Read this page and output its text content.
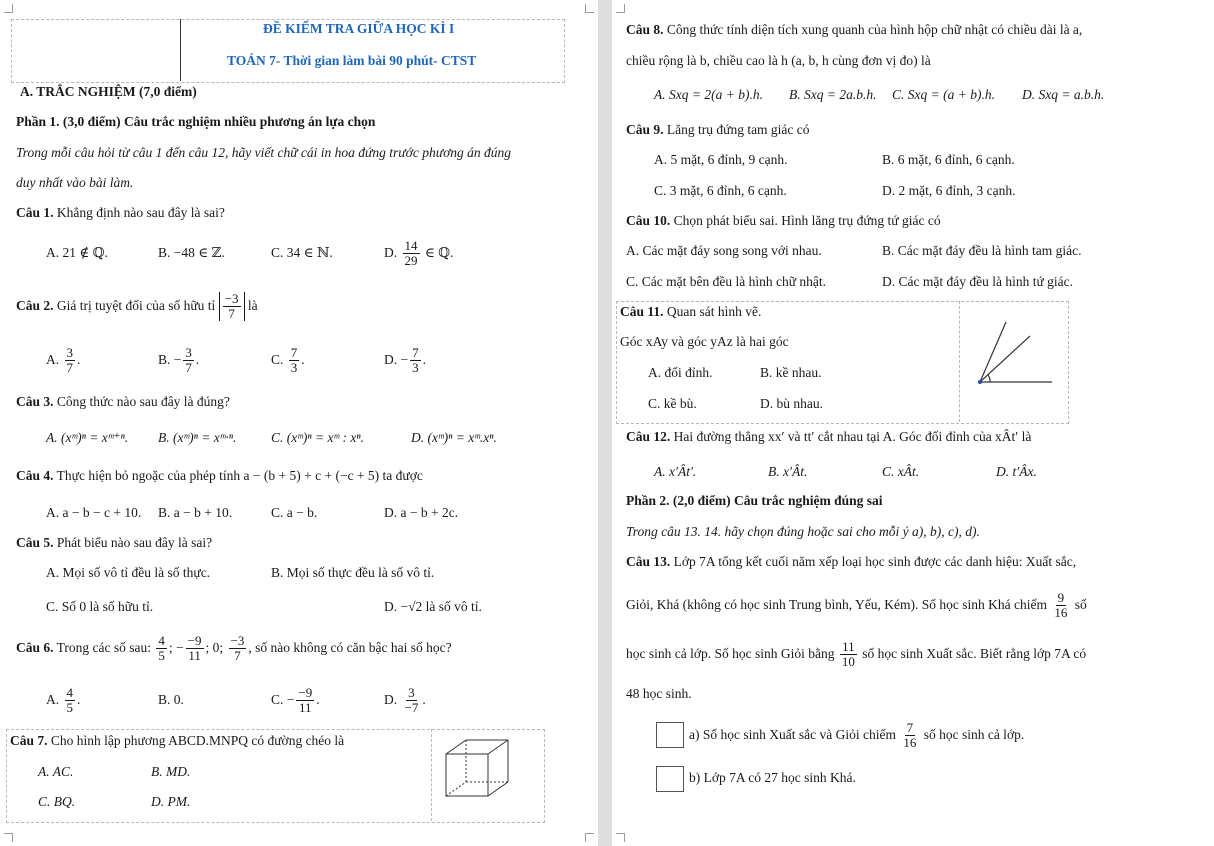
ĐỀ KIỂM TRA GIỮA HỌC KÌ I
TOÁN 7- Thời gian làm bài 90 phút- CTST
A. TRẮC NGHIỆM (7,0 điểm)
Phần 1. (3,0 điểm) Câu trắc nghiệm nhiều phương án lựa chọn
Trong mỗi câu hỏi từ câu 1 đến câu 12, hãy viết chữ cái in hoa đứng trước phương án đúng
duy nhất vào bài làm.
Câu 1. Khẳng định nào sau đây là sai?
A. 21 ∉ ℚ.	B. −48 ∈ ℤ.	C. 34 ∈ ℕ.	D. $\frac{14}{29}$ ∈ ℚ.
Câu 2. Giá trị tuyệt đối của số hữu tỉ $\frac{-3}{7}$ là
A. $\frac{3}{7}$ .	B. − $\frac{3}{7}$ .	C. $\frac{7}{3}$ .	D. − $\frac{7}{3}$ .
Câu 3. Công thức nào sau đây là đúng?
A. (xᵐ)ⁿ = xᵐ⁺ⁿ. B. (xᵐ)ⁿ = xᵐ·ⁿ.	C. (xᵐ)ⁿ = xᵐ : xⁿ.	D. (xᵐ)ⁿ = xᵐ.xⁿ.
Câu 4. Thực hiện bỏ ngoặc của phép tính a − (b + 5) + c + (−c + 5) ta được
A. a − b − c + 10. B. a − b + 10.	C. a − b.	D. a − b + 2c.
Câu 5. Phát biểu nào sau đây là sai?
A. Mọi số vô tỉ đều là số thực.	B. Mọi số thực đều là số vô tỉ.
C. Số 0 là số hữu tỉ.	D. −√2 là số vô tỉ.
Câu 6. Trong các số sau: $\frac{4}{5}$ ; − $\frac{-9}{11}$ ; 0; $\frac{-3}{7}$ , số nào không có căn bậc hai số học?
A. $\frac{4}{5}$ .	B. 0.	C. − $\frac{-9}{11}$ .	D. $\frac{3}{-7}$ .
Câu 7. Cho hình lập phương ABCD.MNPQ có đường chéo là
A. AC.	B. MD.
C. BQ.	D. PM.
Câu 8. Công thức tính diện tích xung quanh của hình hộp chữ nhật có chiều dài là a,
chiều rộng là b, chiều cao là h (a, b, h cùng đơn vị đo) là
A. Sxq = 2(a + b).h. B. Sxq = 2a.b.h. C. Sxq = (a + b).h. D. Sxq = a.b.h.
Câu 9. Lăng trụ đứng tam giác có
A. 5 mặt, 6 đỉnh, 9 cạnh.	B. 6 mặt, 6 đỉnh, 6 cạnh.
C. 3 mặt, 6 đỉnh, 6 cạnh.	D. 2 mặt, 6 đỉnh, 3 cạnh.
Câu 10. Chọn phát biểu sai. Hình lăng trụ đứng tứ giác có
A. Các mặt đáy song song với nhau.	B. Các mặt đáy đều là hình tam giác.
C. Các mặt bên đều là hình chữ nhật.	D. Các mặt đáy đều là hình tứ giác.
Câu 11. Quan sát hình vẽ.
Góc xAy và góc yAz là hai góc
A. đối đỉnh.	B. kề nhau.
C. kề bù.	D. bù nhau.
Câu 12. Hai đường thẳng xx′ và tt′ cắt nhau tại A. Góc đối đỉnh của xÂt′ là
A. x′Ât′.	B. x′Ât.	C. xÂt.	D. t′Âx.
Phần 2. (2,0 điểm) Câu trắc nghiệm đúng sai
Trong câu 13. 14. hãy chọn đúng hoặc sai cho mỗi ý a), b), c), d).
Câu 13. Lớp 7A tổng kết cuối năm xếp loại học sinh được các danh hiệu: Xuất sắc,
Giỏi, Khá (không có học sinh Trung bình, Yếu, Kém). Số học sinh Khá chiếm $\frac{9}{16}$ số
học sinh cả lớp. Số học sinh Giỏi bằng $\frac{11}{10}$ số học sinh Xuất sắc. Biết rằng lớp 7A có
48 học sinh.
a) Số học sinh Xuất sắc và Giỏi chiếm $\frac{7}{16}$ số học sinh cả lớp.
b) Lớp 7A có 27 học sinh Khá.
